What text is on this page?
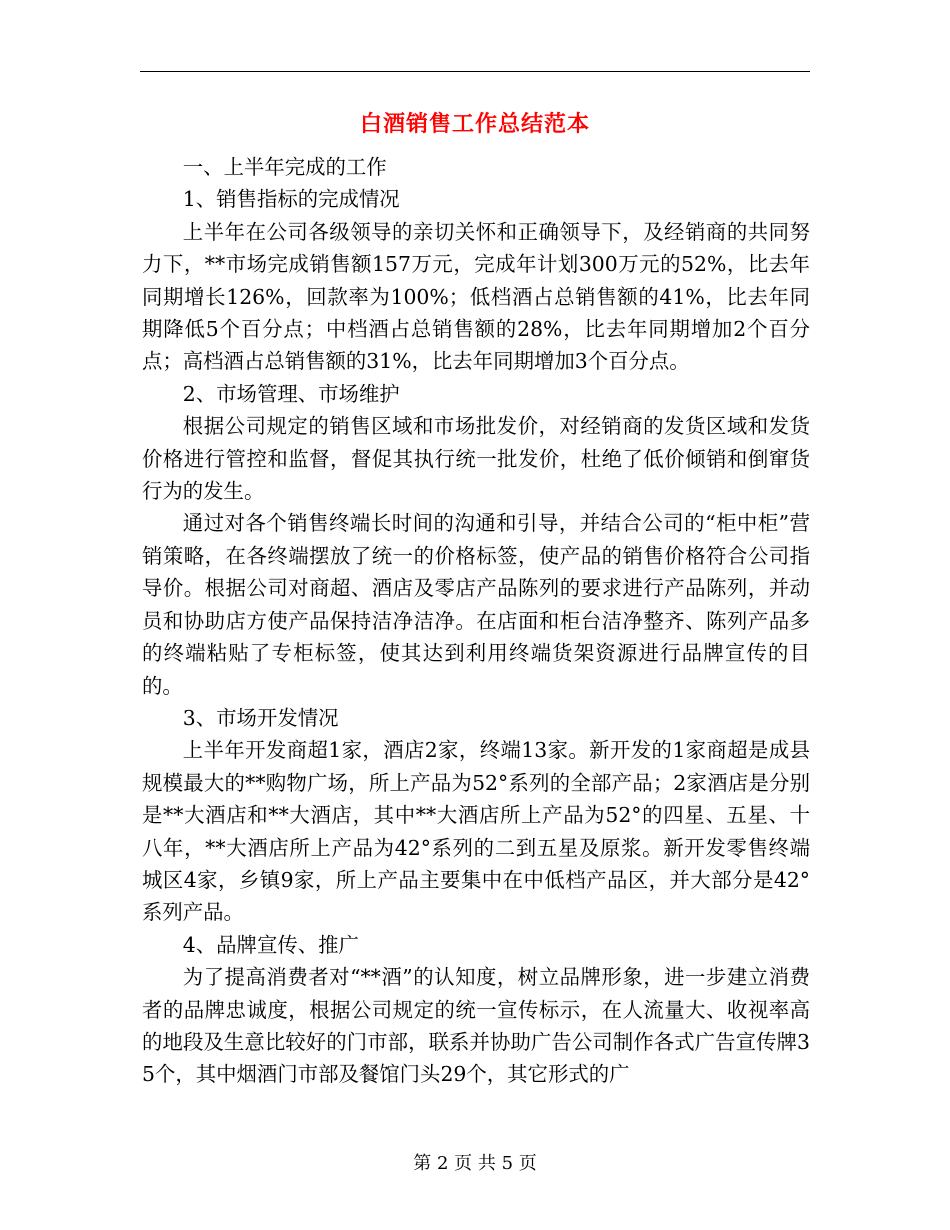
白酒销售工作总结范本

一、上半年完成的工作

1、销售指标的完成情况

上半年在公司各级领导的亲切关怀和正确领导下，及经销商的共同努力下，**市场完成销售额157万元，完成年计划300万元的52%，比去年同期增长126%，回款率为100%；低档酒占总销售额的41%，比去年同期降低5个百分点；中档酒占总销售额的28%，比去年同期增加2个百分点；高档酒占总销售额的31%，比去年同期增加3个百分点。

2、市场管理、市场维护

根据公司规定的销售区域和市场批发价，对经销商的发货区域和发货价格进行管控和监督，督促其执行统一批发价，杜绝了低价倾销和倒窜货行为的发生。

通过对各个销售终端长时间的沟通和引导，并结合公司的“柜中柜”营销策略，在各终端摆放了统一的价格标签，使产品的销售价格符合公司指导价。根据公司对商超、酒店及零店产品陈列的要求进行产品陈列，并动员和协助店方使产品保持洁净洁净。在店面和柜台洁净整齐、陈列产品多的终端粘贴了专柜标签，使其达到利用终端货架资源进行品牌宣传的目的。

3、市场开发情况

上半年开发商超1家，酒店2家，终端13家。新开发的1家商超是成县规模最大的**购物广场，所上产品为52°系列的全部产品；2家酒店是分别是**大酒店和**大酒店，其中**大酒店所上产品为52°的四星、五星、十八年，**大酒店所上产品为42°系列的二到五星及原浆。新开发零售终端城区4家，乡镇9家，所上产品主要集中在中低档产品区，并大部分是42°系列产品。

4、品牌宣传、推广

为了提高消费者对“**酒”的认知度，树立品牌形象，进一步建立消费者的品牌忠诚度，根据公司规定的统一宣传标示，在人流量大、收视率高的地段及生意比较好的门市部，联系并协助广告公司制作各式广告宣传牌35个，其中烟酒门市部及餐馆门头29个，其它形式的广

第 2 页 共 5 页
